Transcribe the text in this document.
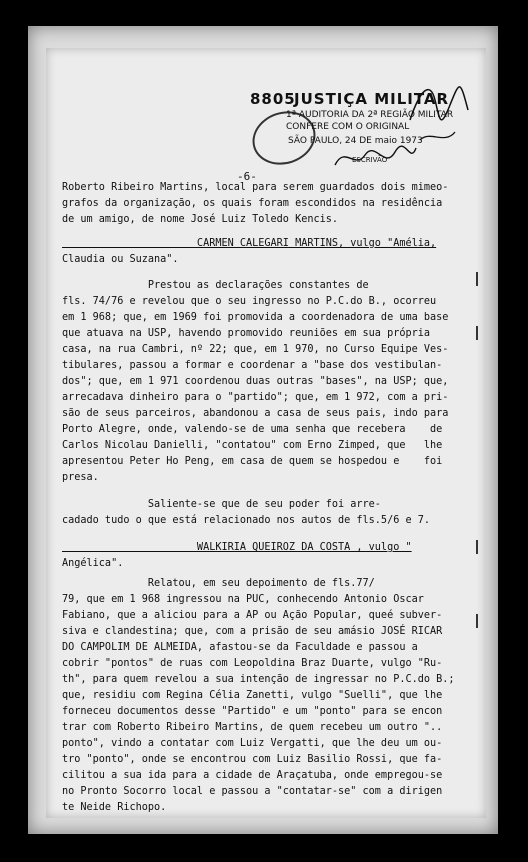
8805
JUSTIÇA MILITAR
1ª AUDITORIA DA 2ª REGIÃO MILITAR
CONFERE COM O ORIGINAL
SÃO PAULO, 24 DE maio 1973
ESCRIVÃO
-6-
Roberto Ribeiro Martins, local para serem guardados dois mimeo-
grafos da organização, os quais foram escondidos na residência
de um amigo, de nome José Luiz Toledo Kencis.
CARMEN CALEGARI MARTINS, vulgo "Amélia,
Claudia ou Suzana".
Prestou as declarações constantes de
fls. 74/76 e revelou que o seu ingresso no P.C.do B., ocorreu
em 1 968; que, em 1969 foi promovida a coordenadora de uma base
que atuava na USP, havendo promovido reuniões em sua própria
casa, na rua Cambri, nº 22; que, em 1 970, no Curso Equipe Ves-
tibulares, passou a formar e coordenar a "base dos vestibulan-
dos"; que, em 1 971 coordenou duas outras "bases", na USP; que,
arrecadava dinheiro para o "partido"; que, em 1 972, com a pri-
são de seus parceiros, abandonou a casa de seus pais, indo para
Porto Alegre, onde, valendo-se de uma senha que recebera    de
Carlos Nicolau Danielli, "contatou" com Erno Zimped, que   lhe
apresentou Peter Ho Peng, em casa de quem se hospedou e    foi
presa.
Saliente-se que de seu poder foi arre-
cadado tudo o que está relacionado nos autos de fls.5/6 e 7.
WALKIRIA QUEIROZ DA COSTA , vulgo "
Angélica".
Relatou, em seu depoimento de fls.77/
79, que em 1 968 ingressou na PUC, conhecendo Antonio Oscar
Fabiano, que a aliciou para a AP ou Ação Popular, queé subver-
siva e clandestina; que, com a prisão de seu amásio JOSÉ RICAR
DO CAMPOLIM DE ALMEIDA, afastou-se da Faculdade e passou a
cobrir "pontos" de ruas com Leopoldina Braz Duarte, vulgo "Ru-
th", para quem revelou a sua intenção de ingressar no P.C.do B.;
que, residiu com Regina Célia Zanetti, vulgo "Suelli", que lhe
forneceu documentos desse "Partido" e um "ponto" para se encon
trar com Roberto Ribeiro Martins, de quem recebeu um outro "..
ponto", vindo a contatar com Luiz Vergatti, que lhe deu um ou-
tro "ponto", onde se encontrou com Luiz Basilio Rossi, que fa-
cilitou a sua ida para a cidade de Araçatuba, onde empregou-se
no Pronto Socorro local e passou a "contatar-se" com a dirigen
te Neide Richopo.
